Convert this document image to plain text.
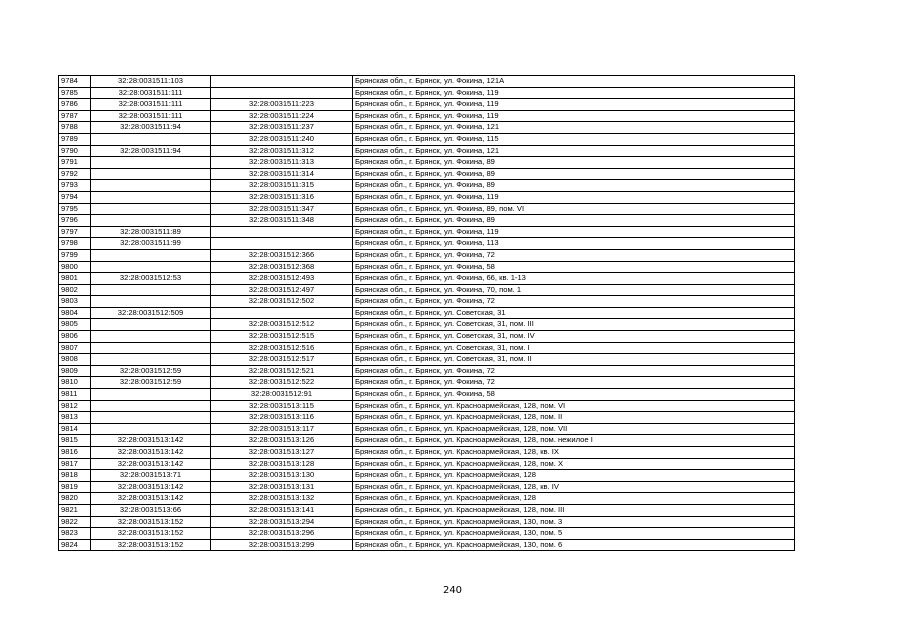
9784	32:28:0031511:103		Брянская обл., г. Брянск, ул. Фокина, 121А
9785	32:28:0031511:111		Брянская обл., г. Брянск, ул. Фокина, 119
9786	32:28:0031511:111	32:28:0031511:223	Брянская обл., г. Брянск, ул. Фокина, 119
9787	32:28:0031511:111	32:28:0031511:224	Брянская обл., г. Брянск, ул. Фокина, 119
9788	32:28:0031511:94	32:28:0031511:237	Брянская обл., г. Брянск, ул. Фокина, 121
9789		32:28:0031511:240	Брянская обл., г. Брянск, ул. Фокина, 115
9790	32:28:0031511:94	32:28:0031511:312	Брянская обл., г. Брянск, ул. Фокина, 121
9791		32:28:0031511:313	Брянская обл., г. Брянск, ул. Фокина, 89
9792		32:28:0031511:314	Брянская обл., г. Брянск, ул. Фокина, 89
9793		32:28:0031511:315	Брянская обл., г. Брянск, ул. Фокина, 89
9794		32:28:0031511:316	Брянская обл., г. Брянск, ул. Фокина, 119
9795		32:28:0031511:347	Брянская обл., г. Брянск, ул. Фокина, 89, пом. VI
9796		32:28:0031511:348	Брянская обл., г. Брянск, ул. Фокина, 89
9797	32:28:0031511:89		Брянская обл., г. Брянск, ул. Фокина, 119
9798	32:28:0031511:99		Брянская обл., г. Брянск, ул. Фокина, 113
9799		32:28:0031512:366	Брянская обл., г. Брянск, ул. Фокина, 72
9800		32:28:0031512:368	Брянская обл., г. Брянск, ул. Фокина, 58
9801	32:28:0031512:53	32:28:0031512:493	Брянская обл., г. Брянск, ул. Фокина, 66, кв. 1-13
9802		32:28:0031512:497	Брянская обл., г. Брянск, ул. Фокина, 70, пом. 1
9803		32:28:0031512:502	Брянская обл., г. Брянск, ул. Фокина, 72
9804	32:28:0031512:509		Брянская обл., г. Брянск, ул. Советская, 31
9805		32:28:0031512:512	Брянская обл., г. Брянск, ул. Советская, 31, пом. III
9806		32:28:0031512:515	Брянская обл., г. Брянск, ул. Советская, 31, пом. IV
9807		32:28:0031512:516	Брянская обл., г. Брянск, ул. Советская, 31, пом. I
9808		32:28:0031512:517	Брянская обл., г. Брянск, ул. Советская, 31, пом. II
9809	32:28:0031512:59	32:28:0031512:521	Брянская обл., г. Брянск, ул. Фокина, 72
9810	32:28:0031512:59	32:28:0031512:522	Брянская обл., г. Брянск, ул. Фокина, 72
9811		32:28:0031512:91	Брянская обл., г. Брянск, ул. Фокина, 58
9812		32:28:0031513:115	Брянская обл., г. Брянск, ул. Красноармейская, 128, пом. VI
9813		32:28:0031513:116	Брянская обл., г. Брянск, ул. Красноармейская, 128, пом. II
9814		32:28:0031513:117	Брянская обл., г. Брянск, ул. Красноармейская, 128, пом. VII
9815	32:28:0031513:142	32:28:0031513:126	Брянская обл., г. Брянск, ул. Красноармейская, 128, пом. нежилое I
9816	32:28:0031513:142	32:28:0031513:127	Брянская обл., г. Брянск, ул. Красноармейская, 128, кв. IX
9817	32:28:0031513:142	32:28:0031513:128	Брянская обл., г. Брянск, ул. Красноармейская, 128, пом. X
9818	32:28:0031513:71	32:28:0031513:130	Брянская обл., г. Брянск, ул. Красноармейская, 128
9819	32:28:0031513:142	32:28:0031513:131	Брянская обл., г. Брянск, ул. Красноармейская, 128, кв. IV
9820	32:28:0031513:142	32:28:0031513:132	Брянская обл., г. Брянск, ул. Красноармейская, 128
9821	32:28:0031513:66	32:28:0031513:141	Брянская обл., г. Брянск, ул. Красноармейская, 128, пом. III
9822	32:28:0031513:152	32:28:0031513:294	Брянская обл., г. Брянск, ул. Красноармейская, 130, пом. 3
9823	32:28:0031513:152	32:28:0031513:296	Брянская обл., г. Брянск, ул. Красноармейская, 130, пом. 5
9824	32:28:0031513:152	32:28:0031513:299	Брянская обл., г. Брянск, ул. Красноармейская, 130, пом. 6
240
